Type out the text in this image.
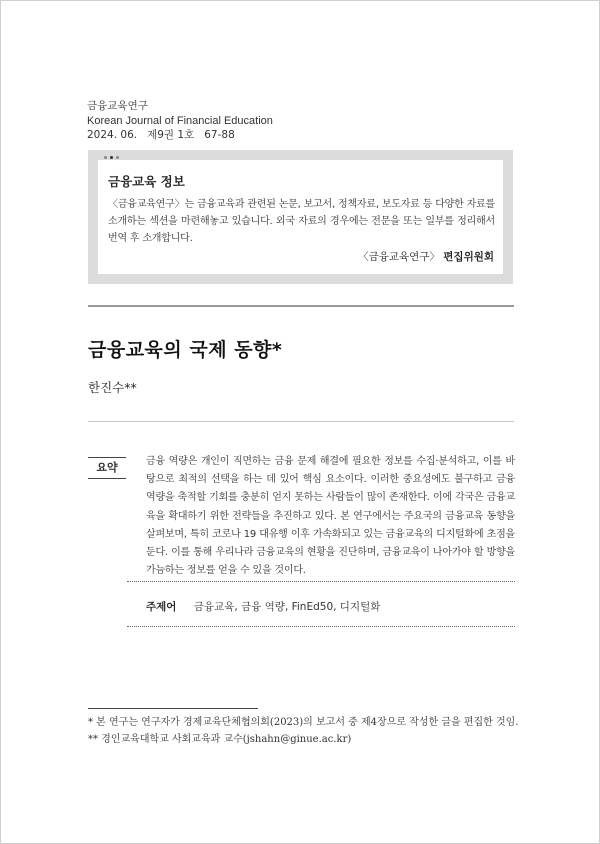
금융교육연구
Korean Journal of Financial Education
2024. 06.   제9권 1호   67-88
금융교육 정보
〈금융교육연구〉는 금융교육과 관련된 논문, 보고서, 정책자료, 보도자료 등 다양한 자료를 소개하는 섹션을 마련해놓고 있습니다. 외국 자료의 경우에는 전문을 또는 일부를 정리해서 번역 후 소개합니다.
〈금융교육연구〉 편집위원회
금융교육의 국제 동향*
한진수**
요약	금융 역량은 개인이 직면하는 금융 문제 해결에 필요한 정보를 수집·분석하고, 이를 바탕으로 최적의 선택을 하는 데 있어 핵심 요소이다. 이러한 중요성에도 불구하고 금융 역량을 축적할 기회를 충분히 얻지 못하는 사람들이 많이 존재한다. 이에 각국은 금융교육을 확대하기 위한 전략들을 추진하고 있다. 본 연구에서는 주요국의 금융교육 동향을 살펴보며, 특히 코로나 19 대유행 이후 가속화되고 있는 금융교육의 디지털화에 초점을 둔다. 이를 통해 우리나라 금융교육의 현황을 진단하며, 금융교육이 나아가야 할 방향을 가늠하는 정보를 얻을 수 있을 것이다.
주제어 금융교육, 금융 역량, FinEd50, 디지털화
* 본 연구는 연구자가 경제교육단체협의회(2023)의 보고서 중 제4장으로 작성한 글을 편집한 것임.
** 경인교육대학교 사회교육과 교수(jshahn@ginue.ac.kr)
